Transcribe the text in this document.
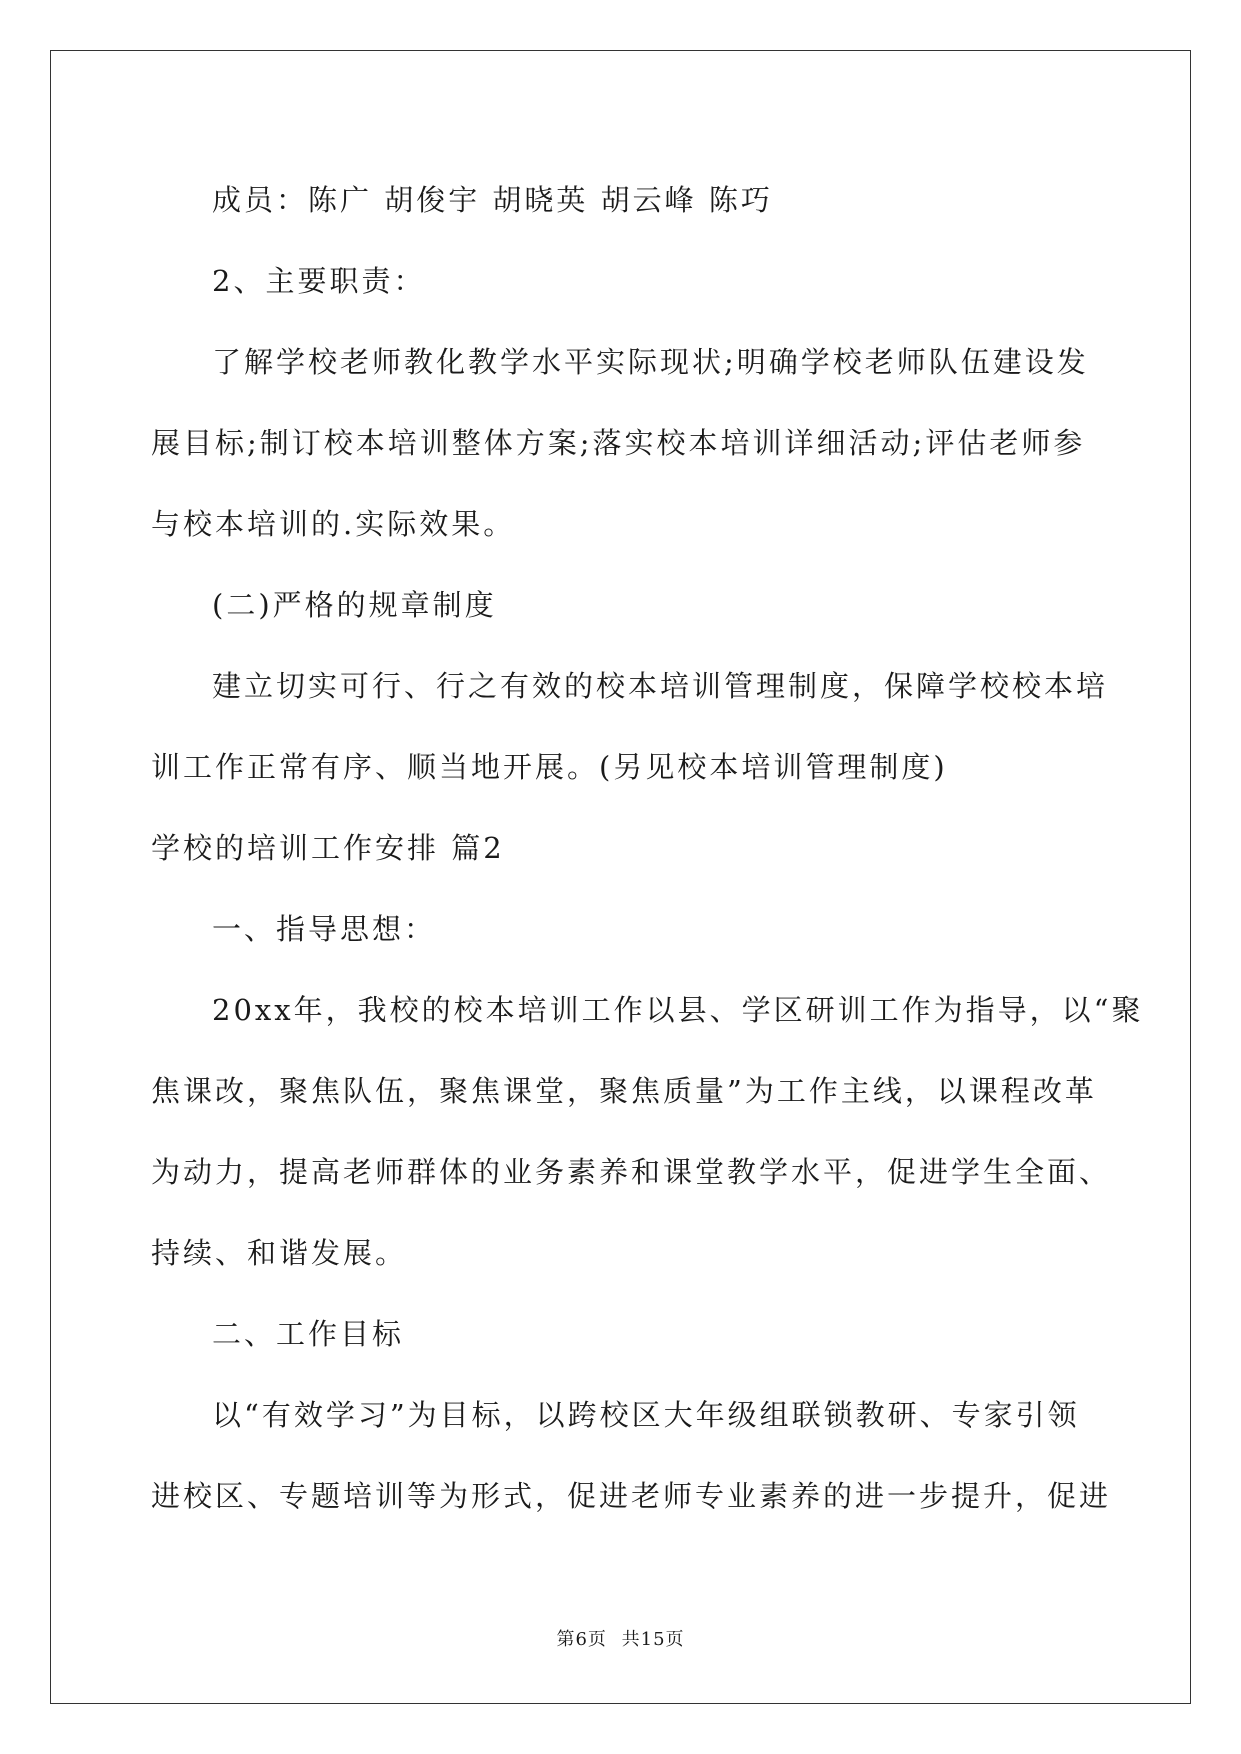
成员：陈广 胡俊宇 胡晓英 胡云峰 陈巧

2、主要职责：

了解学校老师教化教学水平实际现状;明确学校老师队伍建设发

展目标;制订校本培训整体方案;落实校本培训详细活动;评估老师参

与校本培训的.实际效果。

(二)严格的规章制度

建立切实可行、行之有效的校本培训管理制度，保障学校校本培

训工作正常有序、顺当地开展。(另见校本培训管理制度)

学校的培训工作安排 篇2

一、指导思想：

20xx年，我校的校本培训工作以县、学区研训工作为指导，以“聚

焦课改，聚焦队伍，聚焦课堂，聚焦质量”为工作主线，以课程改革

为动力，提高老师群体的业务素养和课堂教学水平，促进学生全面、

持续、和谐发展。

二、工作目标

以“有效学习”为目标，以跨校区大年级组联锁教研、专家引领

进校区、专题培训等为形式，促进老师专业素养的进一步提升，促进

第6页 共15页
